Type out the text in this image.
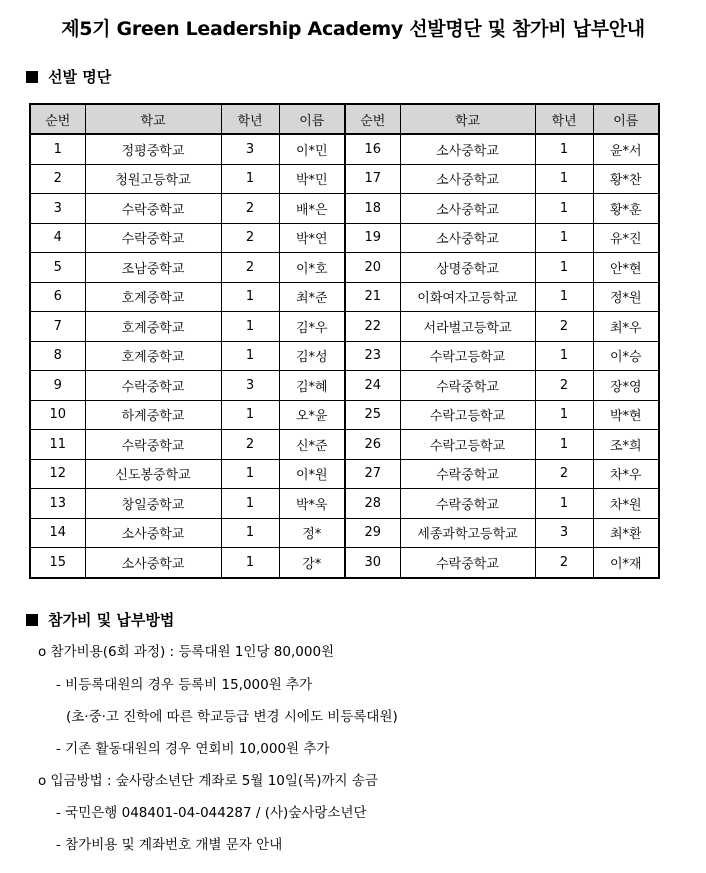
제5기 Green Leadership Academy 선발명단 및 참가비 납부안내
선발 명단
순번	학교	학년	이름	순번	학교	학년	이름
1	정평중학교	3	이*민	16	소사중학교	1	윤*서
2	청원고등학교	1	박*민	17	소사중학교	1	황*찬
3	수락중학교	2	배*은	18	소사중학교	1	황*훈
4	수락중학교	2	박*연	19	소사중학교	1	유*진
5	조남중학교	2	이*호	20	상명중학교	1	안*현
6	호계중학교	1	최*준	21	이화여자고등학교	1	정*원
7	호계중학교	1	김*우	22	서라벌고등학교	2	최*우
8	호계중학교	1	김*성	23	수락고등학교	1	이*승
9	수락중학교	3	김*혜	24	수락중학교	2	장*영
10	하계중학교	1	오*윤	25	수락고등학교	1	박*현
11	수락중학교	2	신*준	26	수락고등학교	1	조*희
12	신도봉중학교	1	이*원	27	수락중학교	2	차*우
13	창일중학교	1	박*욱	28	수락중학교	1	차*원
14	소사중학교	1	정*	29	세종과학고등학교	3	최*환
15	소사중학교	1	강*	30	수락중학교	2	이*재
참가비 및 납부방법
o 참가비용(6회 과정) : 등록대원 1인당 80,000원
- 비등록대원의 경우 등록비 15,000원 추가
(초·중·고 진학에 따른 학교등급 변경 시에도 비등록대원)
- 기존 활동대원의 경우 연회비 10,000원 추가
o 입금방법 : 숲사랑소년단 계좌로 5월 10일(목)까지 송금
- 국민은행 048401-04-044287 / (사)숲사랑소년단
- 참가비용 및 계좌번호 개별 문자 안내
